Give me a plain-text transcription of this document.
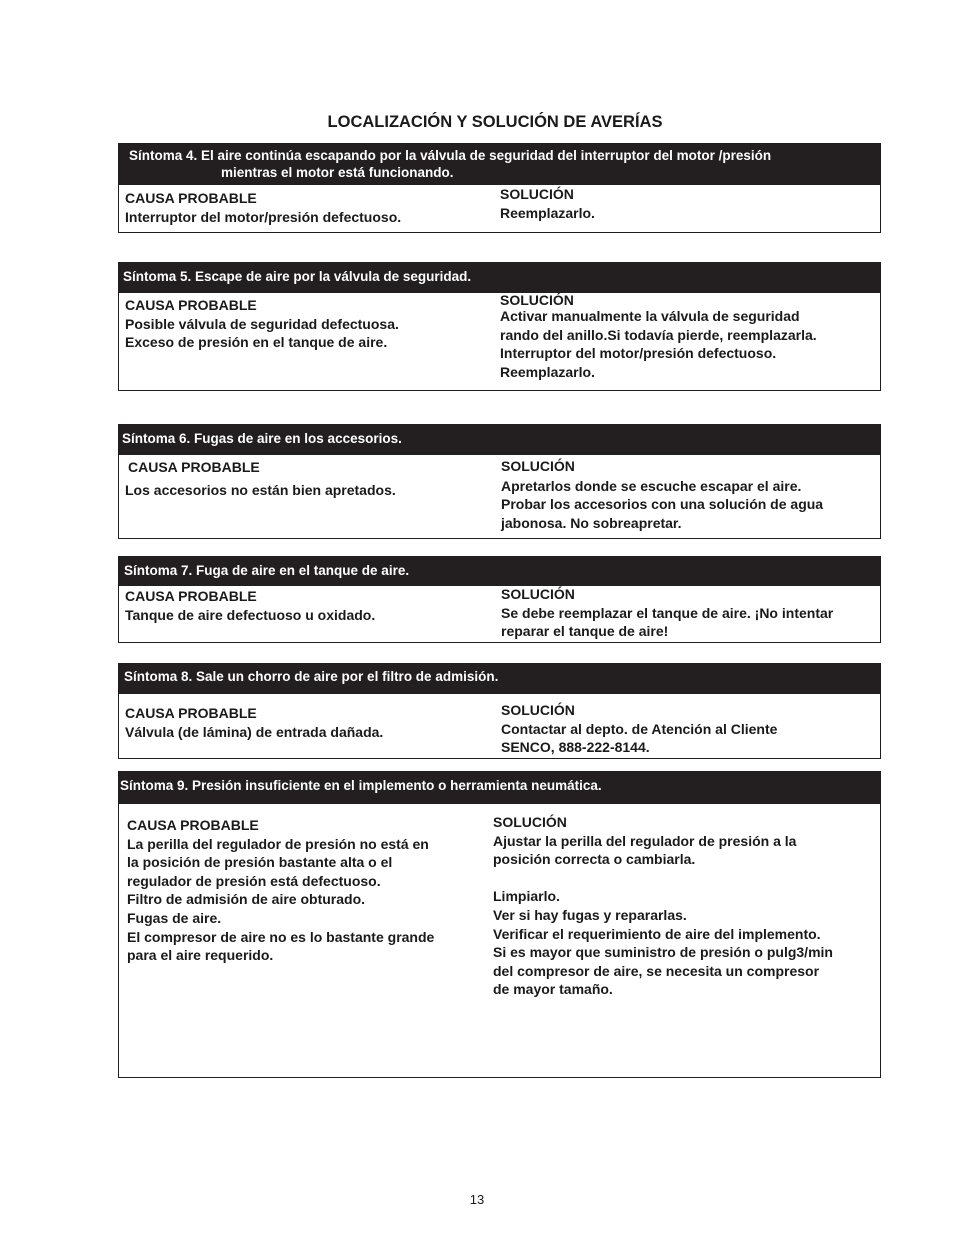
LOCALIZACIÓN Y SOLUCIÓN DE AVERÍAS
Síntoma 4. El aire continúa escapando por la válvula de seguridad del interruptor del motor /presión
mientras el motor está funcionando.
CAUSA PROBABLE
Interruptor del motor/presión defectuoso.
SOLUCIÓN
Reemplazarlo.
Síntoma 5. Escape de aire por la válvula de seguridad.
CAUSA PROBABLE
Posible válvula de seguridad defectuosa.
Exceso de presión en el tanque de aire.
SOLUCIÓN
Activar manualmente la válvula de seguridad
rando del anillo.Si todavía pierde, reemplazarla.
Interruptor del motor/presión defectuoso.
Reemplazarlo.
Síntoma 6. Fugas de aire en los accesorios.
CAUSA PROBABLE
Los accesorios no están bien apretados.
SOLUCIÓN
Apretarlos donde se escuche escapar el aire.
Probar los accesorios con una solución de agua
jabonosa. No sobreapretar.
Síntoma 7. Fuga de aire en el tanque de aire.
CAUSA PROBABLE
Tanque de aire defectuoso u oxidado.
SOLUCIÓN
Se debe reemplazar el tanque de aire. ¡No intentar
reparar el tanque de aire!
Síntoma 8. Sale un chorro de aire por el filtro de admisión.
CAUSA PROBABLE
Válvula (de lámina) de entrada dañada.
SOLUCIÓN
Contactar al depto. de Atención al Cliente
SENCO, 888-222-8144.
Síntoma 9. Presión insuficiente en el implemento o herramienta neumática.
CAUSA PROBABLE
La perilla del regulador de presión no está en
la posición de presión bastante alta o el
regulador de presión está defectuoso.
Filtro de admisión de aire obturado.
Fugas de aire.
El compresor de aire no es lo bastante grande
para el aire requerido.
SOLUCIÓN
Ajustar la perilla del regulador de presión a la
posición correcta o cambiarla.
Limpiarlo.
Ver si hay fugas y repararlas.
Verificar el requerimiento de aire del implemento.
Si es mayor que suministro de presión o pulg3/min
del compresor de aire, se necesita un compresor
de mayor tamaño.
13
